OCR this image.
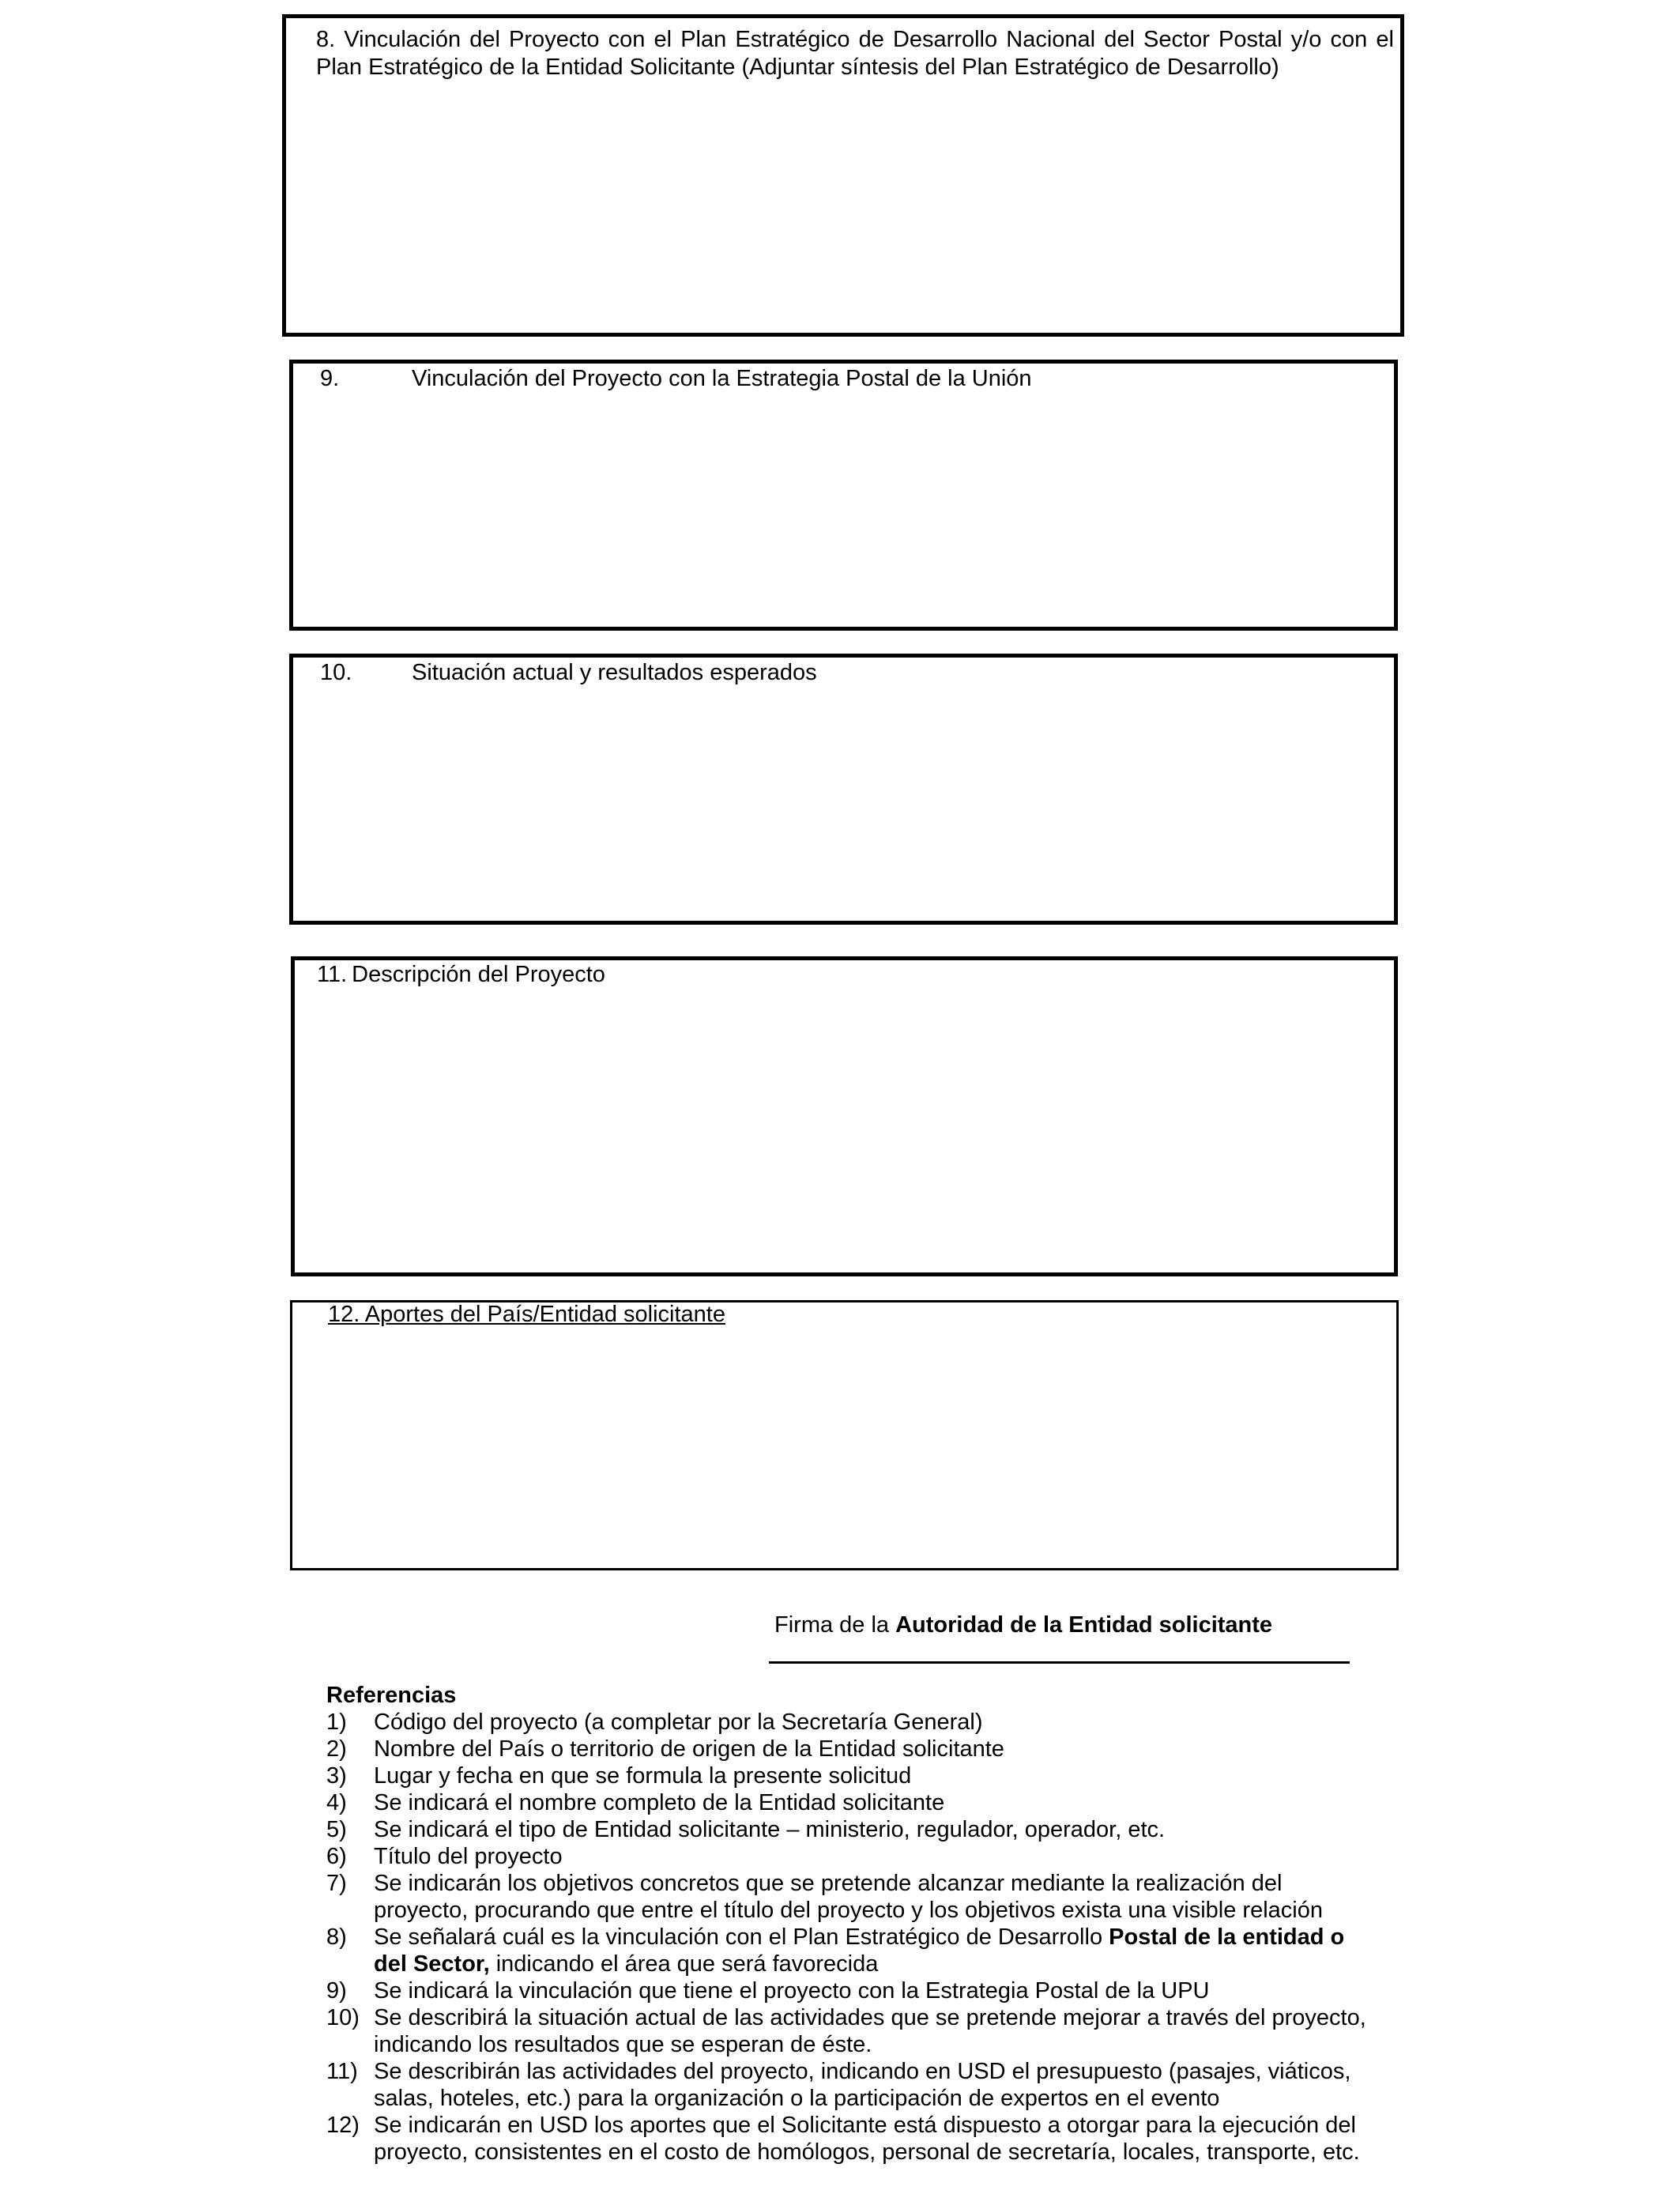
8. Vinculación del Proyecto con el Plan Estratégico de Desarrollo Nacional del Sector Postal y/o con el
Plan Estratégico de la Entidad Solicitante (Adjuntar síntesis del Plan Estratégico de Desarrollo)
9.	Vinculación del Proyecto con la Estrategia Postal de la Unión
10.	Situación actual y resultados esperados
11. Descripción del Proyecto
12. Aportes del País/Entidad solicitante
Firma de la Autoridad de la Entidad solicitante
Referencias
1) Código del proyecto (a completar por la Secretaría General)
2) Nombre del País o territorio de origen de la Entidad solicitante
3) Lugar y fecha en que se formula la presente solicitud
4) Se indicará el nombre completo de la Entidad solicitante
5) Se indicará el tipo de Entidad solicitante – ministerio, regulador, operador, etc.
6) Título del proyecto
7) Se indicarán los objetivos concretos que se pretende alcanzar mediante la realización del proyecto, procurando que entre el título del proyecto y los objetivos exista una visible relación
8) Se señalará cuál es la vinculación con el Plan Estratégico de Desarrollo Postal de la entidad o del Sector, indicando el área que será favorecida
9) Se indicará la vinculación que tiene el proyecto con la Estrategia Postal de la UPU
10) Se describirá la situación actual de las actividades que se pretende mejorar a través del proyecto, indicando los resultados que se esperan de éste.
11) Se describirán las actividades del proyecto, indicando en USD el presupuesto (pasajes, viáticos, salas, hoteles, etc.) para la organización o la participación de expertos en el evento
12) Se indicarán en USD los aportes que el Solicitante está dispuesto a otorgar para la ejecución del proyecto, consistentes en el costo de homólogos, personal de secretaría, locales, transporte, etc.
